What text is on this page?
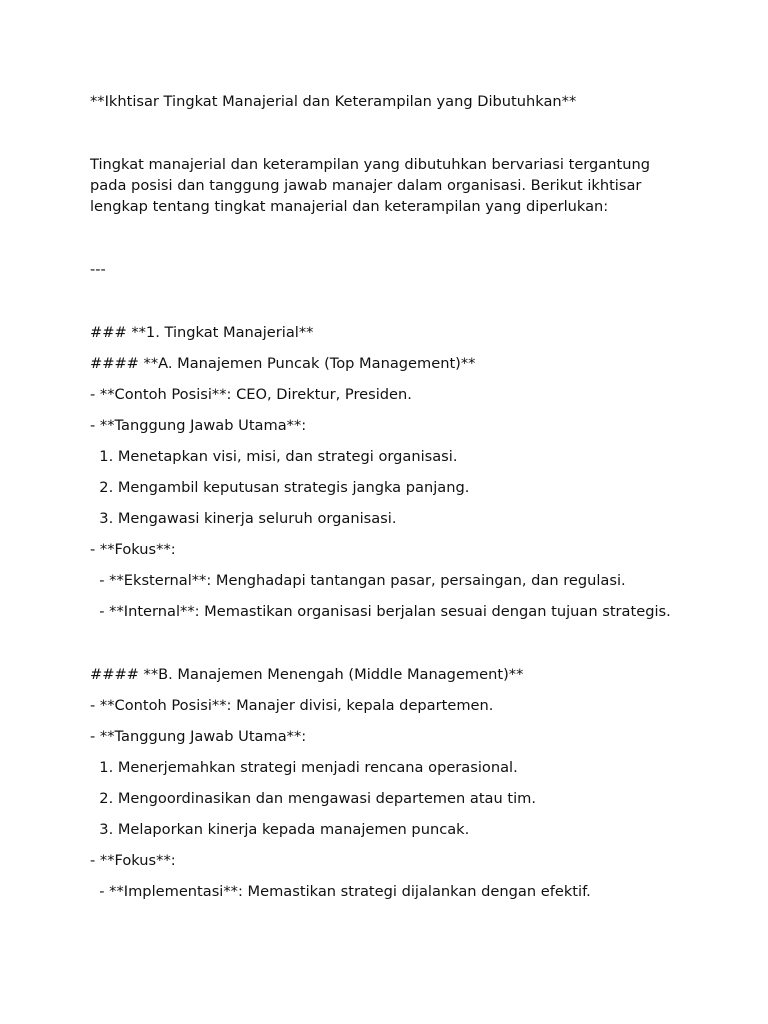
**Ikhtisar Tingkat Manajerial dan Keterampilan yang Dibutuhkan**
Tingkat manajerial dan keterampilan yang dibutuhkan bervariasi tergantung pada posisi dan tanggung jawab manajer dalam organisasi. Berikut ikhtisar lengkap tentang tingkat manajerial dan keterampilan yang diperlukan:
---
### **1. Tingkat Manajerial**
#### **A. Manajemen Puncak (Top Management)**
- **Contoh Posisi**: CEO, Direktur, Presiden.
- **Tanggung Jawab Utama**:
1. Menetapkan visi, misi, dan strategi organisasi.
2. Mengambil keputusan strategis jangka panjang.
3. Mengawasi kinerja seluruh organisasi.
- **Fokus**:
- **Eksternal**: Menghadapi tantangan pasar, persaingan, dan regulasi.
- **Internal**: Memastikan organisasi berjalan sesuai dengan tujuan strategis.
#### **B. Manajemen Menengah (Middle Management)**
- **Contoh Posisi**: Manajer divisi, kepala departemen.
- **Tanggung Jawab Utama**:
1. Menerjemahkan strategi menjadi rencana operasional.
2. Mengoordinasikan dan mengawasi departemen atau tim.
3. Melaporkan kinerja kepada manajemen puncak.
- **Fokus**:
- **Implementasi**: Memastikan strategi dijalankan dengan efektif.
